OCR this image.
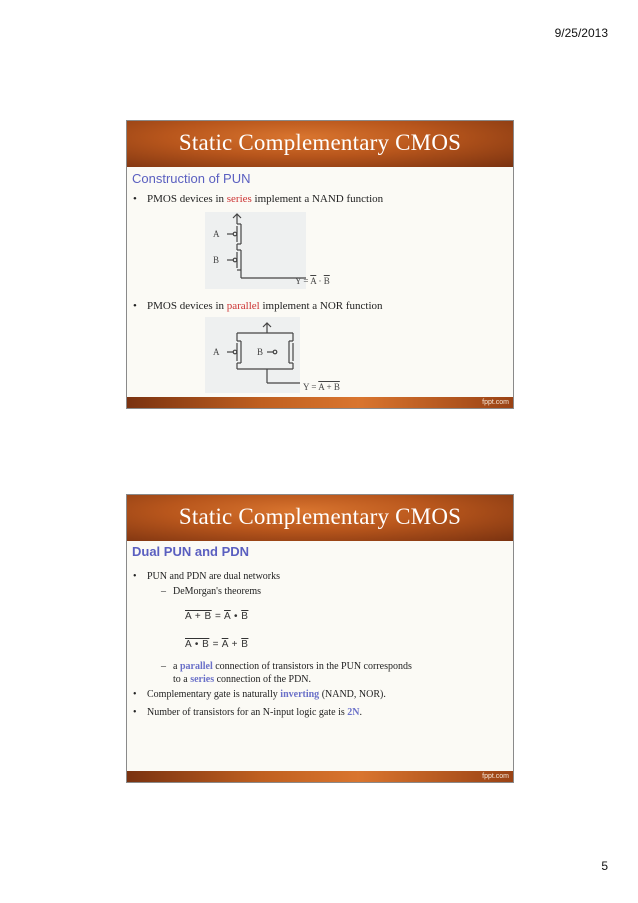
9/25/2013
Static Complementary CMOS
Construction of PUN
• PMOS devices in series implement a NAND function
A
B
$Y = \overline{A} \cdot \overline{B}$
• PMOS devices in parallel implement a NOR function
A	B
Y = A + B
fppt.com
Static Complementary CMOS
Dual PUN and PDN
• PUN and PDN are dual networks
– DeMorgan's theorems
$A + B = \overline{A}$ • $\overline{B}$
A • $B = \overline{A} + \overline{B}$
– a parallel connection of transistors in the PUN corresponds
to a series connection of the PDN.
• Complementary gate is naturally inverting (NAND, NOR).
• Number of transistors for an N-input logic gate is 2N.
fppt.com
5
